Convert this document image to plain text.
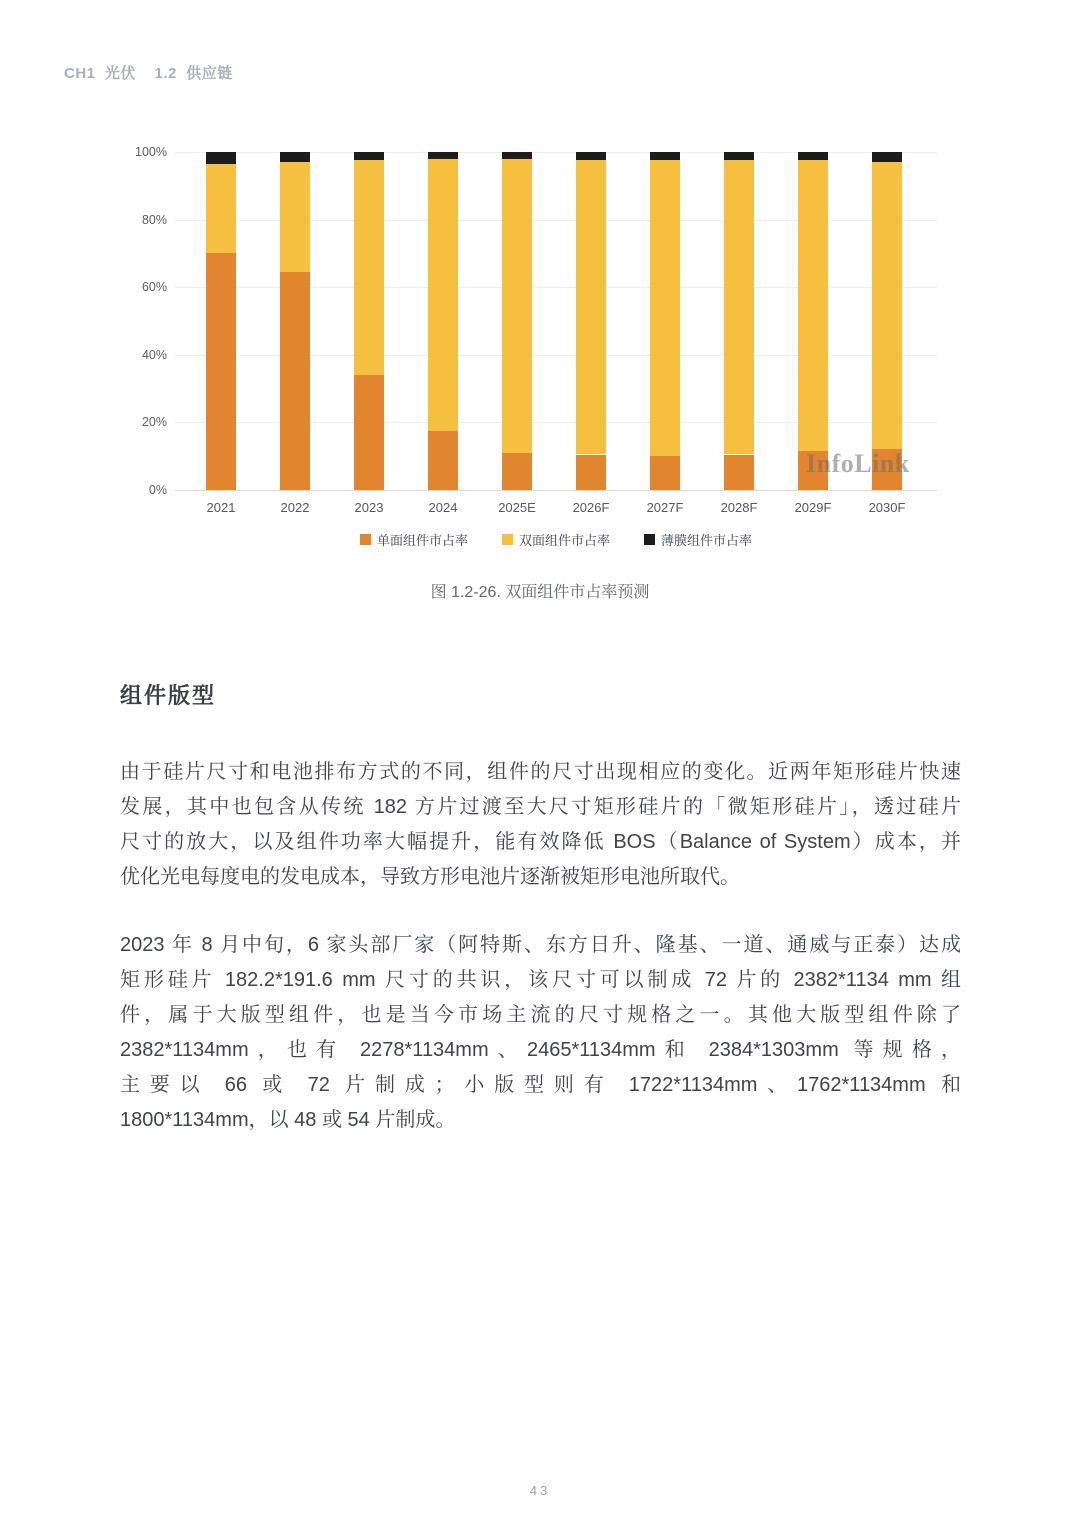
CH1  光伏    1.2  供应链
0%
20%
40%
60%
80%
100%
2021	2022	2023	2024	2025E	2026F	2027F	2028F	2029F	2030F
InfoLink
单面组件市占率	双面组件市占率	薄膜组件市占率
图 1.2-26. 双面组件市占率预测
组件版型
由于硅片尺寸和电池排布方式的不同，组件的尺寸出现相应的变化。近两年矩形硅片快速
发展，其中也包含从传统 182 方片过渡至大尺寸矩形硅片的「微矩形硅片」，透过硅片
尺寸的放大，以及组件功率大幅提升，能有效降低 BOS（Balance of System）成本，并
优化光电每度电的发电成本，导致方形电池片逐渐被矩形电池所取代。
2023 年 8 月中旬，6 家头部厂家（阿特斯、东方日升、隆基、一道、通威与正泰）达成
矩形硅片 182.2*191.6 mm 尺寸的共识，该尺寸可以制成 72 片的 2382*1134 mm 组
件，属于大版型组件，也是当今市场主流的尺寸规格之一。其他大版型组件除了
2382*1134mm，也有 2278*1134mm、2465*1134mm和 2384*1303mm 等规格，
主要以 66 或 72 片制成；小版型则有 1722*1134mm、1762*1134mm 和
1800*1134mm，以 48 或 54 片制成。
43
